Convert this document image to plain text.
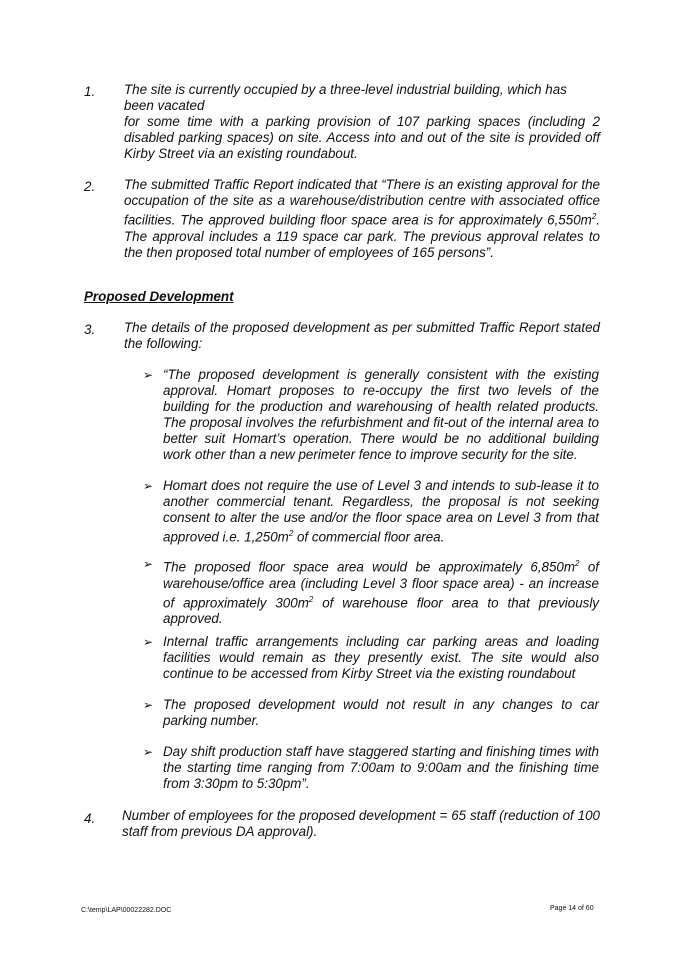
1. The site is currently occupied by a three-level industrial building, which has

been vacated

for some time with a parking provision of 107 parking spaces (including 2 disabled parking spaces) on site. Access into and out of the site is provided off Kirby Street via an existing roundabout.

2. The submitted Traffic Report indicated that “There is an existing approval for the occupation of the site as a warehouse/distribution centre with associated office facilities. The approved building floor space area is for approximately $6,550m^2$. The approval includes a 119 space car park. The previous approval relates to the then proposed total number of employees of 165 persons”.

Proposed Development
3. The details of the proposed development as per submitted Traffic Report stated the following:

➢ “The proposed development is generally consistent with the existing approval. Homart proposes to re-occupy the first two levels of the building for the production and warehousing of health related products. The proposal involves the refurbishment and fit-out of the internal area to better suit Homart’s operation. There would be no additional building work other than a new perimeter fence to improve security for the site.

➢ Homart does not require the use of Level 3 and intends to sub-lease it to another commercial tenant. Regardless, the proposal is not seeking consent to alter the use and/or the floor space area on Level 3 from that approved i.e. $1,250m^2$ of commercial floor area.

➢ The proposed floor space area would be approximately $6,850m^2$ of warehouse/office area (including Level 3 floor space area) - an increase of approximately $300m^2$ of warehouse floor area to that previously approved.

➢ Internal traffic arrangements including car parking areas and loading facilities would remain as they presently exist. The site would also continue to be accessed from Kirby Street via the existing roundabout

➢ The proposed development would not result in any changes to car parking number.

➢ Day shift production staff have staggered starting and finishing times with the starting time ranging from 7:00am to 9:00am and the finishing time from 3:30pm to 5:30pm”.

4. Number of employees for the proposed development = 65 staff (reduction of 100 staff from previous DA approval).

C:\temp\LAP\00022282.DOC	Page 14 of 60
